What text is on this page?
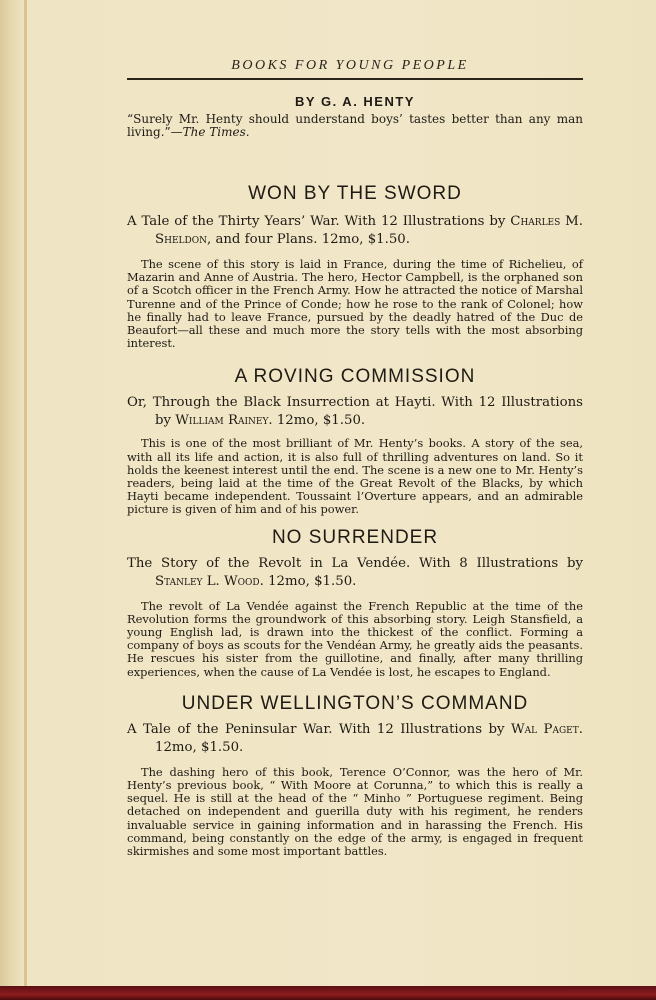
BOOKS FOR YOUNG PEOPLE
BY G. A. HENTY

“Surely Mr. Henty should understand boys’ tastes better than any man living.”—The Times.

WON BY THE SWORD

A Tale of the Thirty Years’ War. With 12 Illustrations by Charles M. Sheldon, and four Plans. 12mo, $1.50.

The scene of this story is laid in France, during the time of Richelieu, of Mazarin and Anne of Austria. The hero, Hector Campbell, is the orphaned son of a Scotch officer in the French Army. How he attracted the notice of Marshal Turenne and of the Prince of Conde; how he rose to the rank of Colonel; how he finally had to leave France, pursued by the deadly hatred of the Duc de Beaufort—all these and much more the story tells with the most absorbing interest.

A ROVING COMMISSION

Or, Through the Black Insurrection at Hayti. With 12 Illustrations by William Rainey. 12mo, $1.50.

This is one of the most brilliant of Mr. Henty’s books. A story of the sea, with all its life and action, it is also full of thrilling adventures on land. So it holds the keenest interest until the end. The scene is a new one to Mr. Henty’s readers, being laid at the time of the Great Revolt of the Blacks, by which Hayti became independent. Toussaint l’Overture appears, and an admirable picture is given of him and of his power.

NO SURRENDER

The Story of the Revolt in La Vendée. With 8 Illustrations by Stanley L. Wood. 12mo, $1.50.

The revolt of La Vendée against the French Republic at the time of the Revolution forms the groundwork of this absorbing story. Leigh Stansfield, a young English lad, is drawn into the thickest of the conflict. Forming a company of boys as scouts for the Vendéan Army, he greatly aids the peasants. He rescues his sister from the guillotine, and finally, after many thrilling experiences, when the cause of La Vendée is lost, he escapes to England.

UNDER WELLINGTON’S COMMAND

A Tale of the Peninsular War. With 12 Illustrations by Wal Paget. 12mo, $1.50.

The dashing hero of this book, Terence O’Connor, was the hero of Mr. Henty’s previous book, “ With Moore at Corunna,” to which this is really a sequel. He is still at the head of the “ Minho ” Portuguese regiment. Being detached on independent and guerilla duty with his regiment, he renders invaluable service in gaining information and in harassing the French. His command, being constantly on the edge of the army, is engaged in frequent skirmishes and some most important battles.
